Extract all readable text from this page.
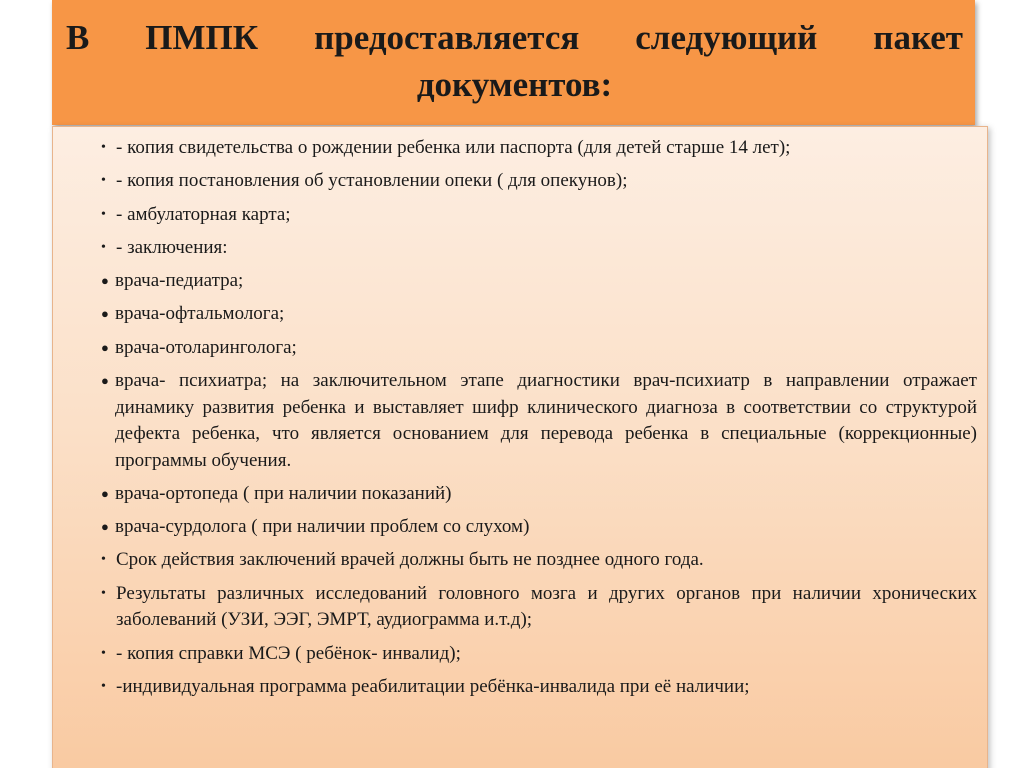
В ПМПК предоставляется следующий пакет документов:
• - копия свидетельства о рождении ребенка или паспорта (для детей старше 14 лет);
• - копия постановления об установлении опеки ( для опекунов);
• - амбулаторная карта;
• - заключения:
● врача-педиатра;
● врача-офтальмолога;
● врача-отоларинголога;
● врача- психиатра; на заключительном этапе диагностики врач-психиатр в направлении отражает динамику развития ребенка и выставляет шифр клинического диагноза в соответствии со структурой дефекта ребенка, что является основанием для перевода ребенка в специальные (коррекционные) программы обучения.
● врача-ортопеда ( при наличии показаний)
● врача-сурдолога ( при наличии проблем со слухом)
• Срок действия заключений врачей должны быть не позднее одного года.
• Результаты различных исследований головного мозга и других органов при наличии хронических заболеваний (УЗИ, ЭЭГ, ЭМРТ, аудиограмма и.т.д);
• - копия справки МСЭ ( ребёнок- инвалид);
• -индивидуальная программа реабилитации ребёнка-инвалида при её наличии;
